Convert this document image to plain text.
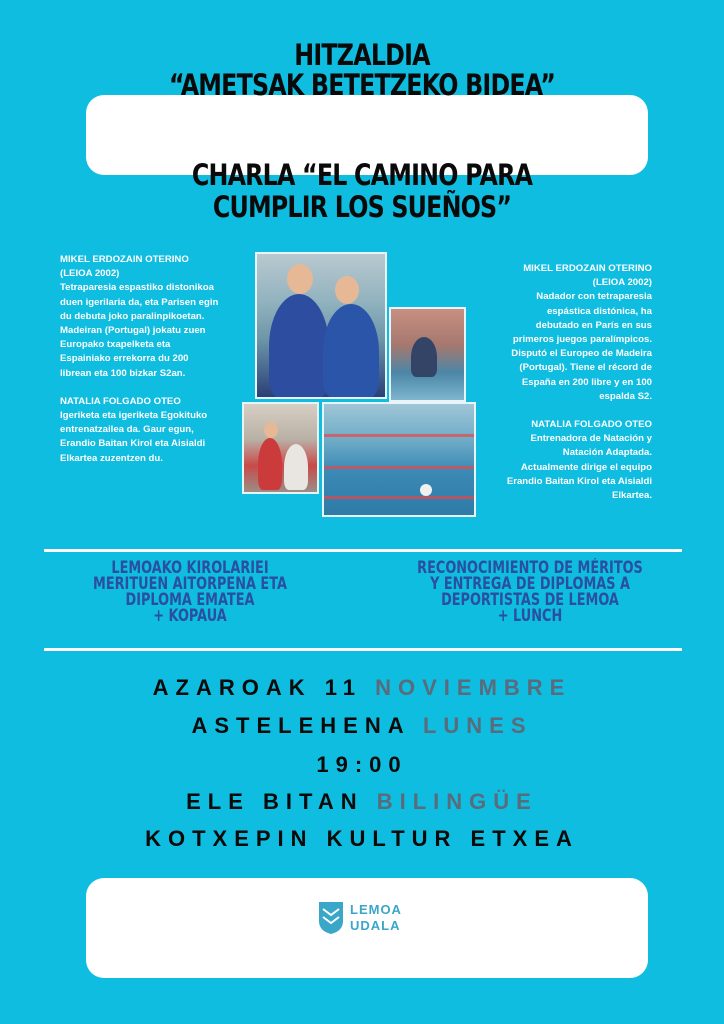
HITZALDIA
“AMETSAK BETETZEKO BIDEA”
CHARLA “EL CAMINO PARA
CUMPLIR LOS SUEÑOS”

MIKEL ERDOZAIN OTERINO
(LEIOA 2002)
Tetraparesia espastiko distonikoa duen igerilaria da, eta Parisen egin du debuta joko paralinpikoetan. Madeiran (Portugal) jokatu zuen Europako txapelketa eta Espainiako errekorra du 200 librean eta 100 bizkar S2an.

NATALIA FOLGADO OTEO
Igeriketa eta igeriketa Egokituko entrenatzailea da. Gaur egun, Erandio Baitan Kirol eta Aisialdi Elkartea zuzentzen du.

MIKEL ERDOZAIN OTERINO
(LEIOA 2002)
Nadador con tetraparesia espástica distónica, ha debutado en París en sus primeros juegos paralímpicos. Disputó el Europeo de Madeira (Portugal). Tiene el récord de España en 200 libre y en 100 espalda S2.

NATALIA FOLGADO OTEO
Entrenadora de Natación y Natación Adaptada. Actualmente dirige el equipo Erandio Baitan Kirol eta Aisialdi Elkartea.

LEMOAKO KIROLARIEI
MERITUEN AITORPENA ETA
DIPLOMA EMATEA
+ KOPAUA
RECONOCIMIENTO DE MÉRITOS
Y ENTREGA DE DIPLOMAS A
DEPORTISTAS DE LEMOA
+ LUNCH
AZAROAK 11 NOVIEMBRE
ASTELEHENA LUNES
19:00
ELE BITAN BILINGÜE
KOTXEPIN KULTUR ETXEA
LEMOA
UDALA
